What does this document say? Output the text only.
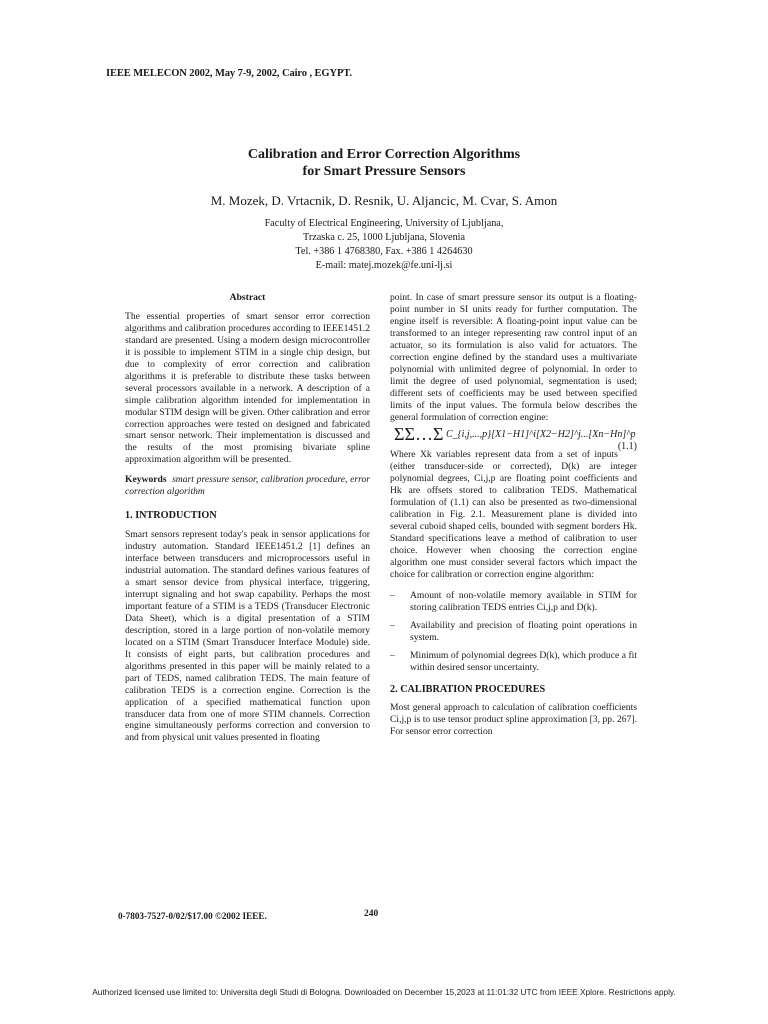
IEEE MELECON 2002, May 7-9, 2002, Cairo , EGYPT.
Calibration and Error Correction Algorithms
for Smart Pressure Sensors
M. Mozek, D. Vrtacnik, D. Resnik, U. Aljancic, M. Cvar, S. Amon
Faculty of Electrical Engineering, University of Ljubljana,
Trzaska c. 25, 1000 Ljubljana, Slovenia
Tel. +386 1 4768380, Fax. +386 1 4264630
E-mail: matej.mozek@fe.uni-lj.si
Abstract

The essential properties of smart sensor error correction algorithms and calibration procedures according to IEEE1451.2 standard are presented. Using a modern design microcontroller it is possible to implement STIM in a single chip design, but due to complexity of error correction and calibration algorithms it is preferable to distribute these tasks between several processors available in a network. A description of a simple calibration algorithm intended for implementation in modular STIM design will be given. Other calibration and error correction approaches were tested on designed and fabricated smart sensor network. Their implementation is discussed and the results of the most promising bivariate spline approximation algorithm will be presented.

Keywords smart pressure sensor, calibration procedure, error correction algorithm

1. INTRODUCTION

Smart sensors represent today's peak in sensor applications for industry automation. Standard IEEE1451.2 [1] defines an interface between transducers and microprocessors useful in industrial automation. The standard defines various features of a smart sensor device from physical interface, triggering, interrupt signaling and hot swap capability. Perhaps the most important feature of a STIM is a TEDS (Transducer Electronic Data Sheet), which is a digital presentation of a STIM description, stored in a large portion of non-volatile memory located on a STIM (Smart Transducer Interface Module) side. It consists of eight parts, but calibration procedures and algorithms presented in this paper will be mainly related to a part of TEDS, named calibration TEDS. The main feature of calibration TEDS is a correction engine. Correction is the application of a specified mathematical function upon transducer data from one of more STIM channels. Correction engine simultaneously performs correction and conversion to and from physical unit values presented in floating

point. In case of smart pressure sensor its output is a floating-point number in SI units ready for further computation. The engine itself is reversible: A floating-point input value can be transformed to an integer representing raw control input of an actuator, so its formulation is also valid for actuators. The correction engine defined by the standard uses a multivariate polynomial with unlimited degree of polynomial. In order to limit the degree of used polynomial, segmentation is used; different sets of coefficients may be used between specified limits of the input values. The formula below describes the general formulation of correction engine:

ΣΣ…Σ C_{i,j,...,p}[X1−H1]^i[X2−H2]^j...[Xn−Hn]^p
(1.1)

Where Xk variables represent data from a set of inputs (either transducer-side or corrected), D(k) are integer polynomial degrees, Ci,j,p are floating point coefficients and Hk are offsets stored to calibration TEDS. Mathematical formulation of (1.1) can also be presented as two-dimensional calibration in Fig. 2.1. Measurement plane is divided into several cuboid shaped cells, bounded with segment borders Hk. Standard specifications leave a method of calibration to user choice. However when choosing the correction engine algorithm one must consider several factors which impact the choice for calibration or correction engine algorithm:

– Amount of non-volatile memory available in STIM for storing calibration TEDS entries Ci,j,p and D(k).
– Availability and precision of floating point operations in system.
– Minimum of polynomial degrees D(k), which produce a fit within desired sensor uncertainty.
2. CALIBRATION PROCEDURES

Most general approach to calculation of calibration coefficients Ci,j,p is to use tensor product spline approximation [3, pp. 267]. For sensor error correction

0-7803-7527-0/02/$17.00 ©2002 IEEE.	240
Authorized licensed use limited to: Universita degli Studi di Bologna. Downloaded on December 15,2023 at 11:01:32 UTC from IEEE Xplore. Restrictions apply.
